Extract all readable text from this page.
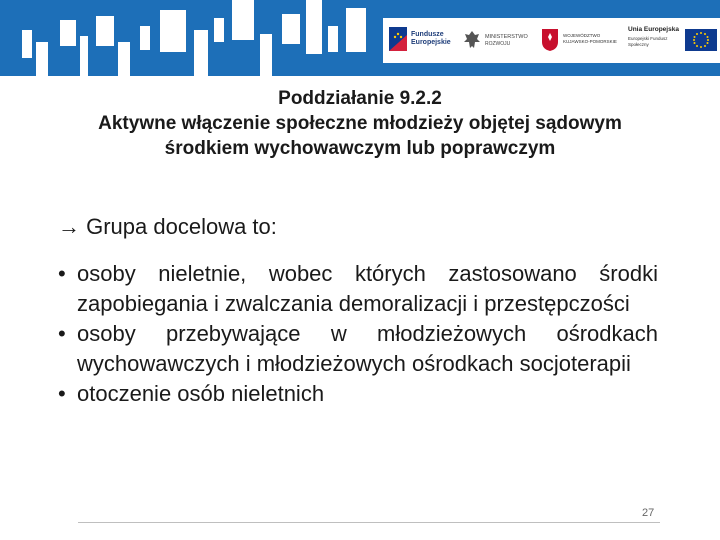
Fundusze
Europejskie
MINISTERSTWO
ROZWOJU
WOJEWÓDZTWO
KUJAWSKO-POMORSKIE
Unia Europejska
Europejski Fundusz
Społeczny
Poddziałanie 9.2.2
Aktywne włączenie społeczne młodzieży objętej sądowym
środkiem wychowawczym lub poprawczym
→ Grupa docelowa to:
• osoby nieletnie, wobec których zastosowano środki zapobiegania i zwalczania demoralizacji i przestępczości
• osoby przebywające w młodzieżowych ośrodkach wychowawczych i młodzieżowych ośrodkach socjoterapii
• otoczenie osób nieletnich
27
